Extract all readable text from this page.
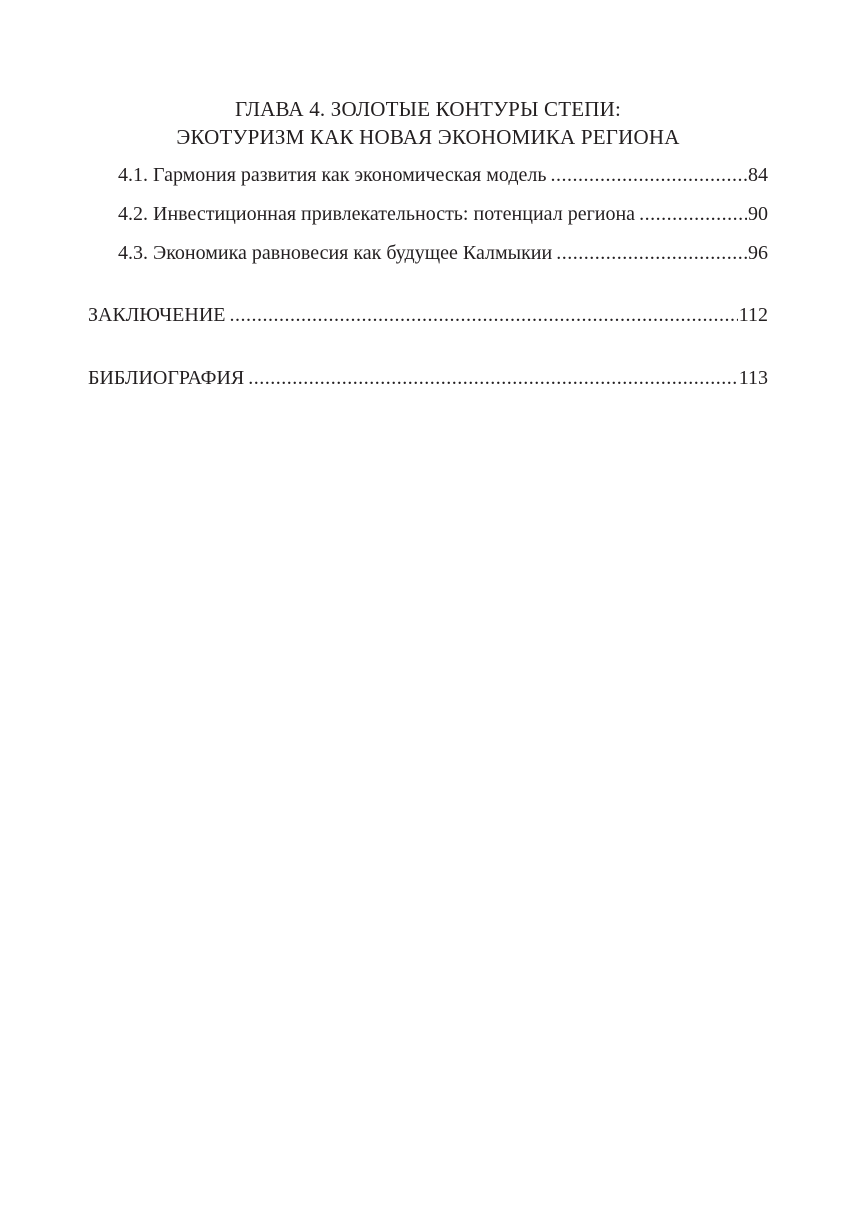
ГЛАВА 4. ЗОЛОТЫЕ КОНТУРЫ СТЕПИ:
ЭКОТУРИЗМ КАК НОВАЯ ЭКОНОМИКА РЕГИОНА
4.1. Гармония развития как экономическая модель .....	84
4.2. Инвестиционная привлекательность: потенциал региона .....	90
4.3. Экономика равновесия как будущее Калмыкии .....	96
ЗАКЛЮЧЕНИЕ .....	112
БИБЛИОГРАФИЯ .....	113
